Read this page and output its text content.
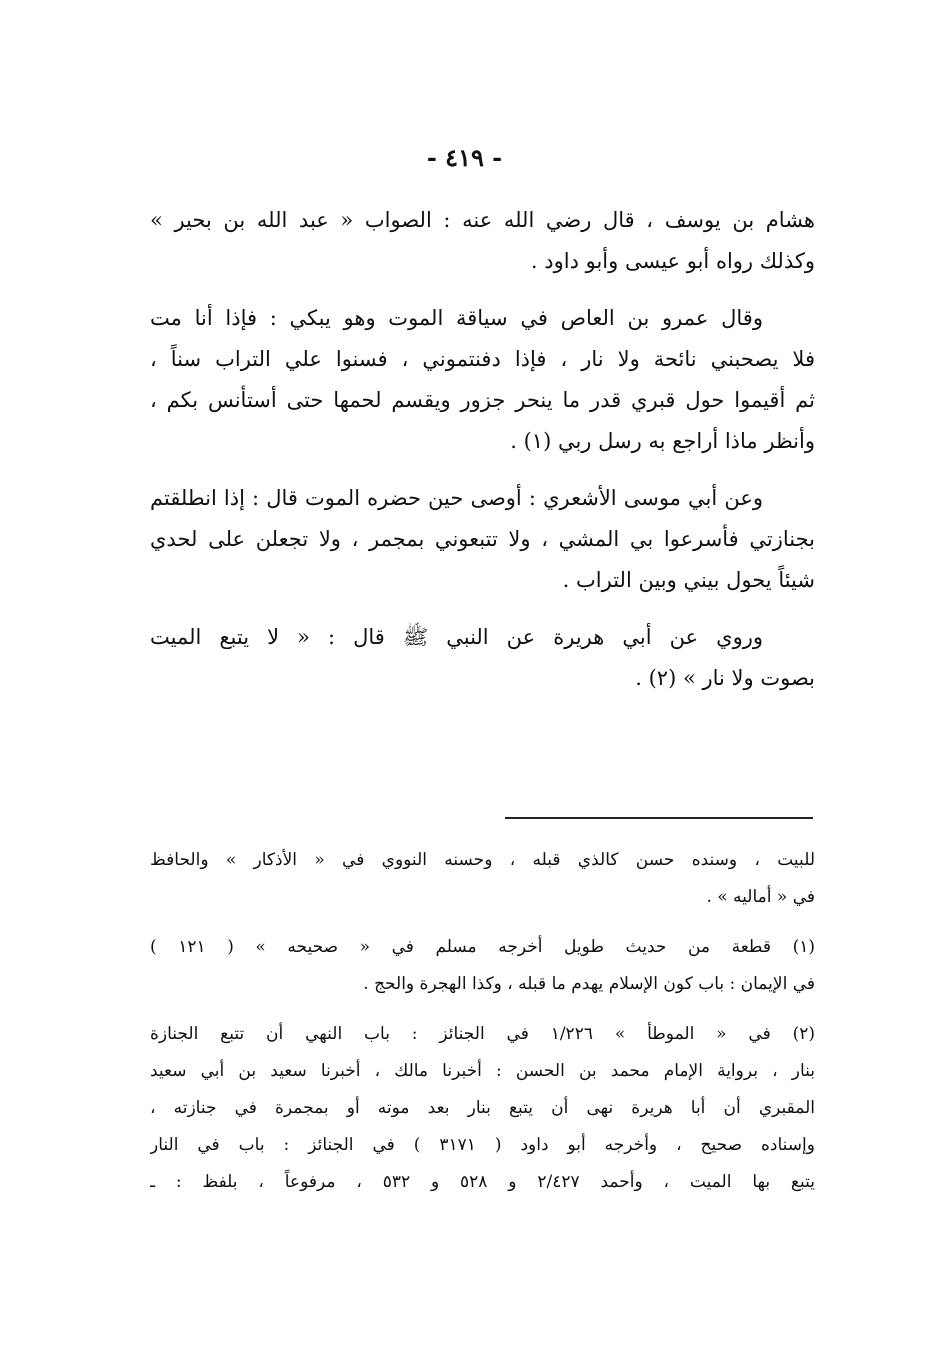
- ٤١٩ -
هشام بن يوسف ، قال رضي الله عنه : الصواب « عبد الله بن بحير »
وكذلك رواه أبو عيسى وأبو داود .
وقال عمرو بن العاص في سياقة الموت وهو يبكي : فإذا أنا مت
فلا يصحبني نائحة ولا نار ، فإذا دفنتموني ، فسنوا علي التراب سناً ،
ثم أقيموا حول قبري قدر ما ينحر جزور ويقسم لحمها حتى أستأنس بكم ،
وأنظر ماذا أراجع به رسل ربي (١) .
وعن أبي موسى الأشعري : أوصى حين حضره الموت قال : إذا انطلقتم
بجنازتي فأسرعوا بي المشي ، ولا تتبعوني بمجمر ، ولا تجعلن على لحدي
شيئاً يحول بيني وبين التراب .
وروي عن أبي هريرة عن النبي ﷺ قال : « لا يتبع الميت
بصوت ولا نار » (٢) .
للبيت ، وسنده حسن كالذي قبله ، وحسنه النووي في « الأذكار » والحافظ
في « أماليه » .
(١) قطعة من حديث طويل أخرجه مسلم في « صحيحه » ( ١٢١ )
في الإيمان : باب كون الإسلام يهدم ما قبله ، وكذا الهجرة والحج .
(٢) في « الموطأ » ١/٢٢٦ في الجنائز : باب النهي أن تتبع الجنازة
بنار ، برواية الإمام محمد بن الحسن : أخبرنا مالك ، أخبرنا سعيد بن أبي سعيد
المقبري أن أبا هريرة نهى أن يتبع بنار بعد موته أو بمجمرة في جنازته ،
وإسناده صحيح ، وأخرجه أبو داود ( ٣١٧١ ) في الجنائز : باب في النار
يتبع بها الميت ، وأحمد ٢/٤٢٧ و ٥٢٨ و ٥٣٢ ، مرفوعاً ، بلفظ : ـ
